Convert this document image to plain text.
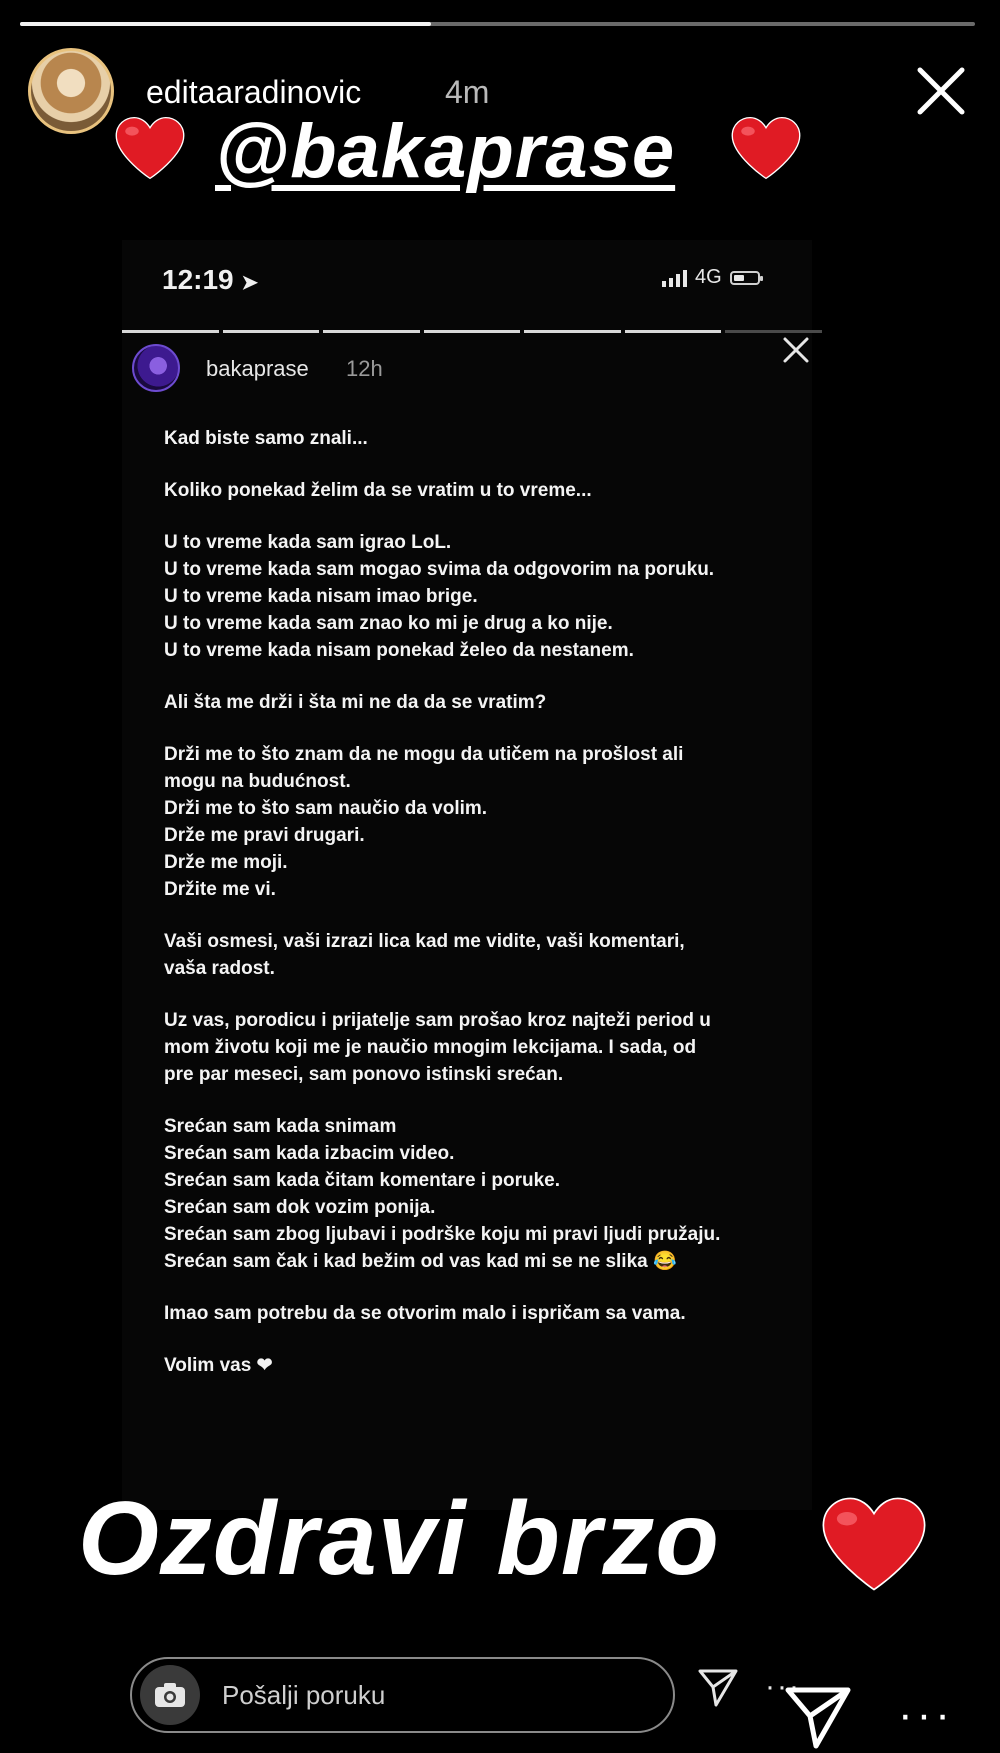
editaaradinovic	4m
@bakaprase
12:19 ➤	4G
bakaprase 12h
Kad biste samo znali...
Koliko ponekad želim da se vratim u to vreme...
U to vreme kada sam igrao LoL.
U to vreme kada sam mogao svima da odgovorim na poruku.
U to vreme kada nisam imao brige.
U to vreme kada sam znao ko mi je drug a ko nije.
U to vreme kada nisam ponekad želeo da nestanem.
Ali šta me drži i šta mi ne da da se vratim?
Drži me to što znam da ne mogu da utičem na prošlost ali
mogu na budućnost.
Drži me to što sam naučio da volim.
Drže me pravi drugari.
Drže me moji.
Držite me vi.
Vaši osmesi, vaši izrazi lica kad me vidite, vaši komentari,
vaša radost.
Uz vas, porodicu i prijatelje sam prošao kroz najteži period u
mom životu koji me je naučio mnogim lekcijama. I sada, od
pre par meseci, sam ponovo istinski srećan.
Srećan sam kada snimam
Srećan sam kada izbacim video.
Srećan sam kada čitam komentare i poruke.
Srećan sam dok vozim ponija.
Srećan sam zbog ljubavi i podrške koju mi pravi ljudi pružaju.
Srećan sam čak i kad bežim od vas kad mi se ne slika 😂
Imao sam potrebu da se otvorim malo i ispričam sa vama.
Volim vas ❤
Ozdravi brzo
Pošalji poruku	···
···
